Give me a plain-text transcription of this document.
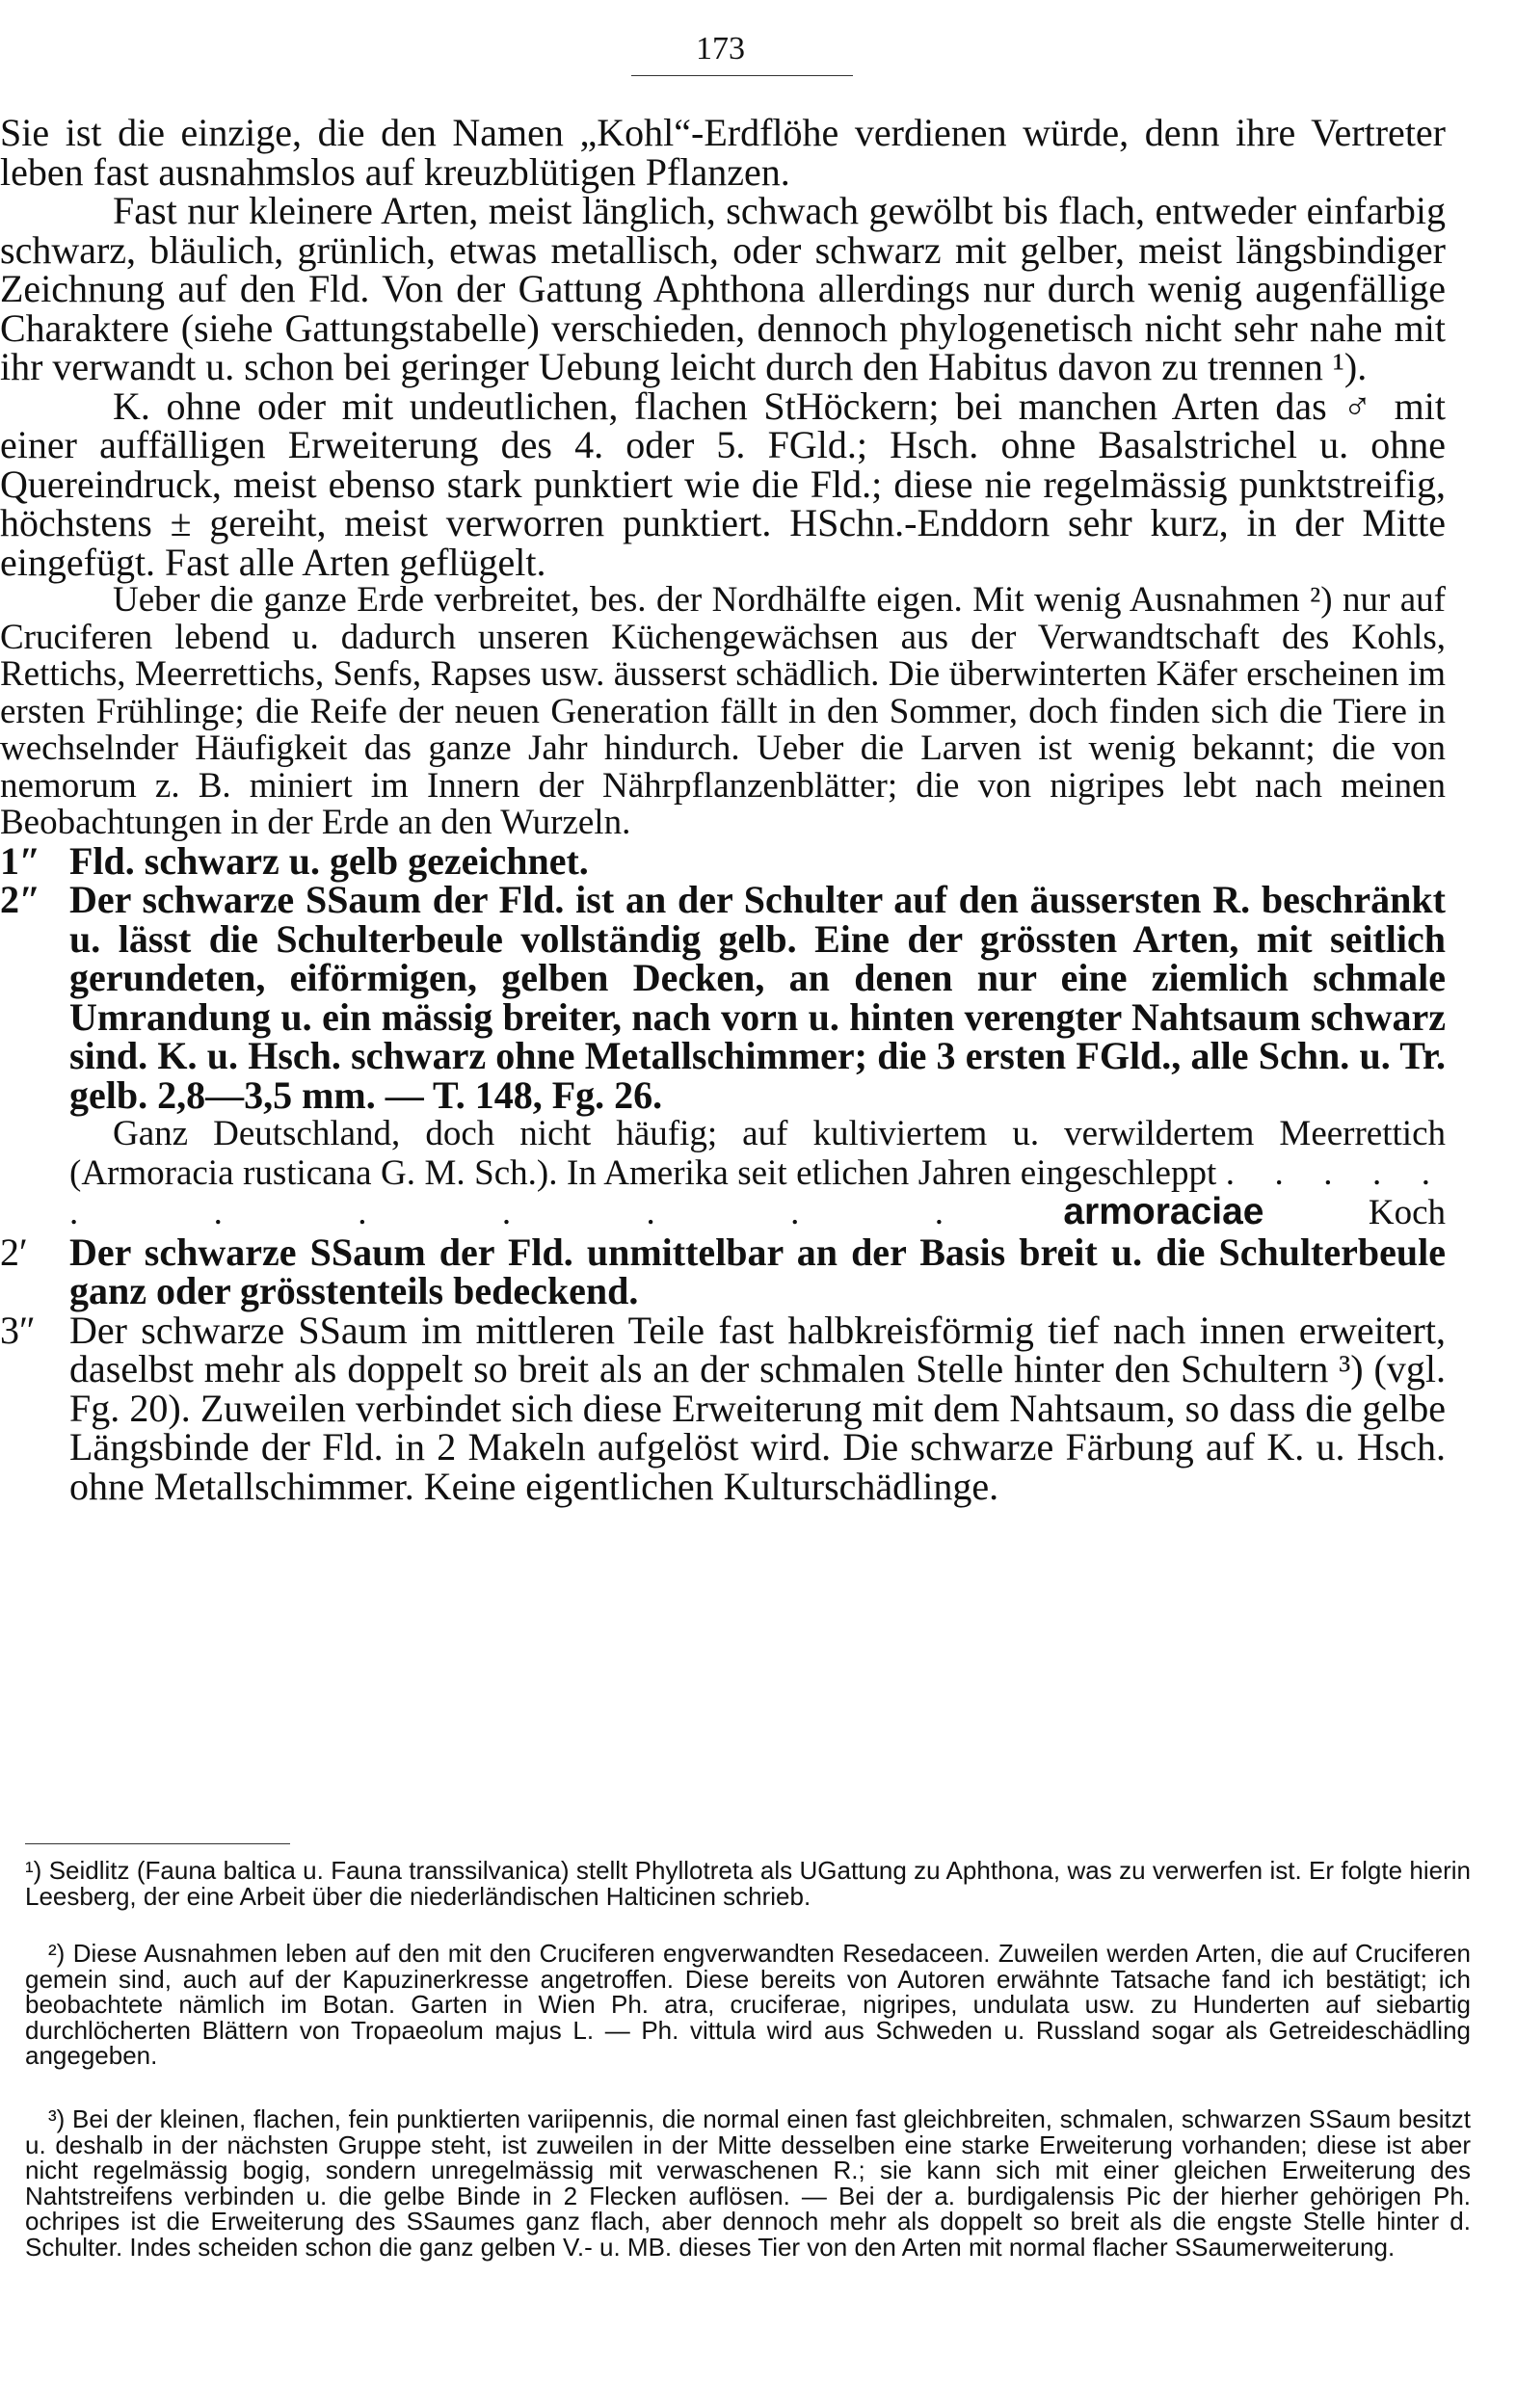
173

Sie ist die einzige, die den Namen „Kohl“-Erdflöhe verdienen würde, denn ihre Vertreter leben fast ausnahmslos auf kreuzblütigen Pflanzen.

Fast nur kleinere Arten, meist länglich, schwach gewölbt bis flach, entweder einfarbig schwarz, bläulich, grünlich, etwas metallisch, oder schwarz mit gelber, meist längsbindiger Zeichnung auf den Fld. Von der Gattung Aphthona allerdings nur durch wenig augenfällige Charaktere (siehe Gattungstabelle) verschieden, dennoch phylogenetisch nicht sehr nahe mit ihr verwandt u. schon bei geringer Uebung leicht durch den Habitus davon zu trennen ¹).

K. ohne oder mit undeutlichen, flachen StHöckern; bei manchen Arten das ♂ mit einer auffälligen Erweiterung des 4. oder 5. FGld.; Hsch. ohne Basalstrichel u. ohne Quereindruck, meist ebenso stark punktiert wie die Fld.; diese nie regelmässig punktstreifig, höchstens ± gereiht, meist verworren punktiert. HSchn.-Enddorn sehr kurz, in der Mitte eingefügt. Fast alle Arten geflügelt.

Ueber die ganze Erde verbreitet, bes. der Nordhälfte eigen. Mit wenig Ausnahmen ²) nur auf Cruciferen lebend u. dadurch unseren Küchengewächsen aus der Verwandtschaft des Kohls, Rettichs, Meerrettichs, Senfs, Rapses usw. äusserst schädlich. Die überwinterten Käfer erscheinen im ersten Frühlinge; die Reife der neuen Generation fällt in den Sommer, doch finden sich die Tiere in wechselnder Häufigkeit das ganze Jahr hindurch. Ueber die Larven ist wenig bekannt; die von nemorum z. B. miniert im Innern der Nährpflanzenblätter; die von nigripes lebt nach meinen Beobachtungen in der Erde an den Wurzeln.

1″ Fld. schwarz u. gelb gezeichnet.
2″ Der schwarze SSaum der Fld. ist an der Schulter auf den äussersten R. beschränkt u. lässt die Schulterbeule vollständig gelb. Eine der grössten Arten, mit seitlich gerundeten, eiförmigen, gelben Decken, an denen nur eine ziemlich schmale Umrandung u. ein mässig breiter, nach vorn u. hinten verengter Nahtsaum schwarz sind. K. u. Hsch. schwarz ohne Metallschimmer; die 3 ersten FGld., alle Schn. u. Tr. gelb. 2,8—3,5 mm. — T. 148, Fg. 26.
Ganz Deutschland, doch nicht häufig; auf kultiviertem u. verwildertem Meerrettich (Armoracia rusticana G. M. Sch.). In Amerika seit etlichen Jahren eingeschleppt . . . . . . . . . . . .	armoraciae	Koch
2′ Der schwarze SSaum der Fld. unmittelbar an der Basis breit u. die Schulterbeule ganz oder grösstenteils bedeckend.
3″ Der schwarze SSaum im mittleren Teile fast halbkreisförmig tief nach innen erweitert, daselbst mehr als doppelt so breit als an der schmalen Stelle hinter den Schultern ³) (vgl. Fg. 20). Zuweilen verbindet sich diese Erweiterung mit dem Nahtsaum, so dass die gelbe Längsbinde der Fld. in 2 Makeln aufgelöst wird. Die schwarze Färbung auf K. u. Hsch. ohne Metallschimmer. Keine eigentlichen Kulturschädlinge.
¹) Seidlitz (Fauna baltica u. Fauna transsilvanica) stellt Phyllotreta als UGattung zu Aphthona, was zu verwerfen ist. Er folgte hierin Leesberg, der eine Arbeit über die niederländischen Halticinen schrieb.
²) Diese Ausnahmen leben auf den mit den Cruciferen engverwandten Resedaceen. Zuweilen werden Arten, die auf Cruciferen gemein sind, auch auf der Kapuzinerkresse angetroffen. Diese bereits von Autoren erwähnte Tatsache fand ich bestätigt; ich beobachtete nämlich im Botan. Garten in Wien Ph. atra, cruciferae, nigripes, undulata usw. zu Hunderten auf siebartig durchlöcherten Blättern von Tropaeolum majus L. — Ph. vittula wird aus Schweden u. Russland sogar als Getreideschädling angegeben.
³) Bei der kleinen, flachen, fein punktierten variipennis, die normal einen fast gleichbreiten, schmalen, schwarzen SSaum besitzt u. deshalb in der nächsten Gruppe steht, ist zuweilen in der Mitte desselben eine starke Erweiterung vorhanden; diese ist aber nicht regelmässig bogig, sondern unregelmässig mit verwaschenen R.; sie kann sich mit einer gleichen Erweiterung des Nahtstreifens verbinden u. die gelbe Binde in 2 Flecken auflösen. — Bei der a. burdigalensis Pic der hierher gehörigen Ph. ochripes ist die Erweiterung des SSaumes ganz flach, aber dennoch mehr als doppelt so breit als die engste Stelle hinter d. Schulter. Indes scheiden schon die ganz gelben V.- u. MB. dieses Tier von den Arten mit normal flacher SSaumerweiterung.
